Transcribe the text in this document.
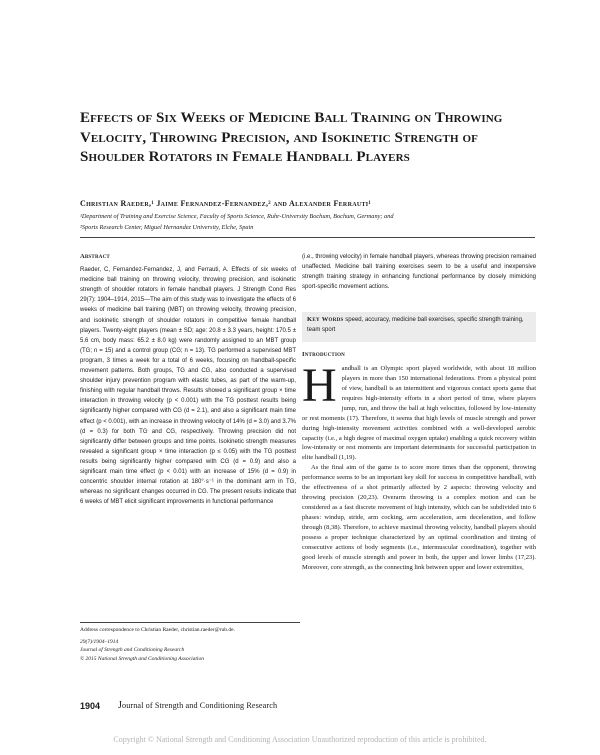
Effects of Six Weeks of Medicine Ball Training on Throwing Velocity, Throwing Precision, and Isokinetic Strength of Shoulder Rotators in Female Handball Players
Christian Raeder,¹ Jaime Fernandez-Fernandez,² and Alexander Ferrauti¹

¹Department of Training and Exercise Science, Faculty of Sports Science, Ruhr-University Bochum, Bochum, Germany; and

²Sports Research Center, Miguel Hernandez University, Elche, Spain

Abstract

Raeder, C, Fernandez-Fernandez, J, and Ferrauti, A. Effects of six weeks of medicine ball training on throwing velocity, throwing precision, and isokinetic strength of shoulder rotators in female handball players. J Strength Cond Res 29(7): 1904–1914, 2015—The aim of this study was to investigate the effects of 6 weeks of medicine ball training (MBT) on throwing velocity, throwing precision, and isokinetic strength of shoulder rotators in competitive female handball players. Twenty-eight players (mean ± SD; age: 20.8 ± 3.3 years, height: 170.5 ± 5.6 cm, body mass: 65.2 ± 8.0 kg) were randomly assigned to an MBT group (TG; n = 15) and a control group (CG; n = 13). TG performed a supervised MBT program, 3 times a week for a total of 6 weeks, focusing on handball-specific movement patterns. Both groups, TG and CG, also conducted a supervised shoulder injury prevention program with elastic tubes, as part of the warm-up, finishing with regular handball throws. Results showed a significant group × time interaction in throwing velocity (p < 0.001) with the TG posttest results being significantly higher compared with CG (d = 2.1), and also a significant main time effect (p < 0.001), with an increase in throwing velocity of 14% (d = 3.0) and 3.7% (d = 0.3) for both TG and CG, respectively. Throwing precision did not significantly differ between groups and time points. Isokinetic strength measures revealed a significant group × time interaction (p ≤ 0.05) with the TG posttest results being significantly higher compared with CG (d = 0.9) and also a significant main time effect (p < 0.01) with an increase of 15% (d = 0.9) in concentric shoulder internal rotation at 180°·s⁻¹ in the dominant arm in TG, whereas no significant changes occurred in CG. The present results indicate that 6 weeks of MBT elicit significant improvements in functional performance

(i.e., throwing velocity) in female handball players, whereas throwing precision remained unaffected. Medicine ball training exercises seem to be a useful and inexpensive strength training strategy in enhancing functional performance by closely mimicking sport-specific movement actions.

Key Words speed, accuracy, medicine ball exercises, specific strength training, team sport
Introduction

Handball is an Olympic sport played worldwide, with about 18 million players in more than 150 international federations. From a physical point of view, handball is an intermittent and vigorous contact sports game that requires high-intensity efforts in a short period of time, where players jump, run, and throw the ball at high velocities, followed by low-intensity or rest moments (17). Therefore, it seems that high levels of muscle strength and power during high-intensity movement activities combined with a well-developed aerobic capacity (i.e., a high degree of maximal oxygen uptake) enabling a quick recovery within low-intensity or rest moments are important determinants for successful participation in elite handball (1,19).

As the final aim of the game is to score more times than the opponent, throwing performance seems to be an important key skill for success in competitive handball, with the effectiveness of a shot primarily affected by 2 aspects: throwing velocity and throwing precision (20,23). Overarm throwing is a complex motion and can be considered as a fast discrete movement of high intensity, which can be subdivided into 6 phases: windup, stride, arm cocking, arm acceleration, arm deceleration, and follow through (8,38). Therefore, to achieve maximal throwing velocity, handball players should possess a proper technique characterized by an optimal coordination and timing of consecutive actions of body segments (i.e., intermuscular coordination), together with good levels of muscle strength and power in both, the upper and lower limbs (17,23). Moreover, core strength, as the connecting link between upper and lower extremities,

Address correspondence to Christian Raeder, christian.raeder@rub.de.

29(7)/1904–1914

Journal of Strength and Conditioning Research

© 2015 National Strength and Conditioning Association

1904 Journal of Strength and Conditioning Research
Copyright © National Strength and Conditioning Association Unauthorized reproduction of this article is prohibited.
